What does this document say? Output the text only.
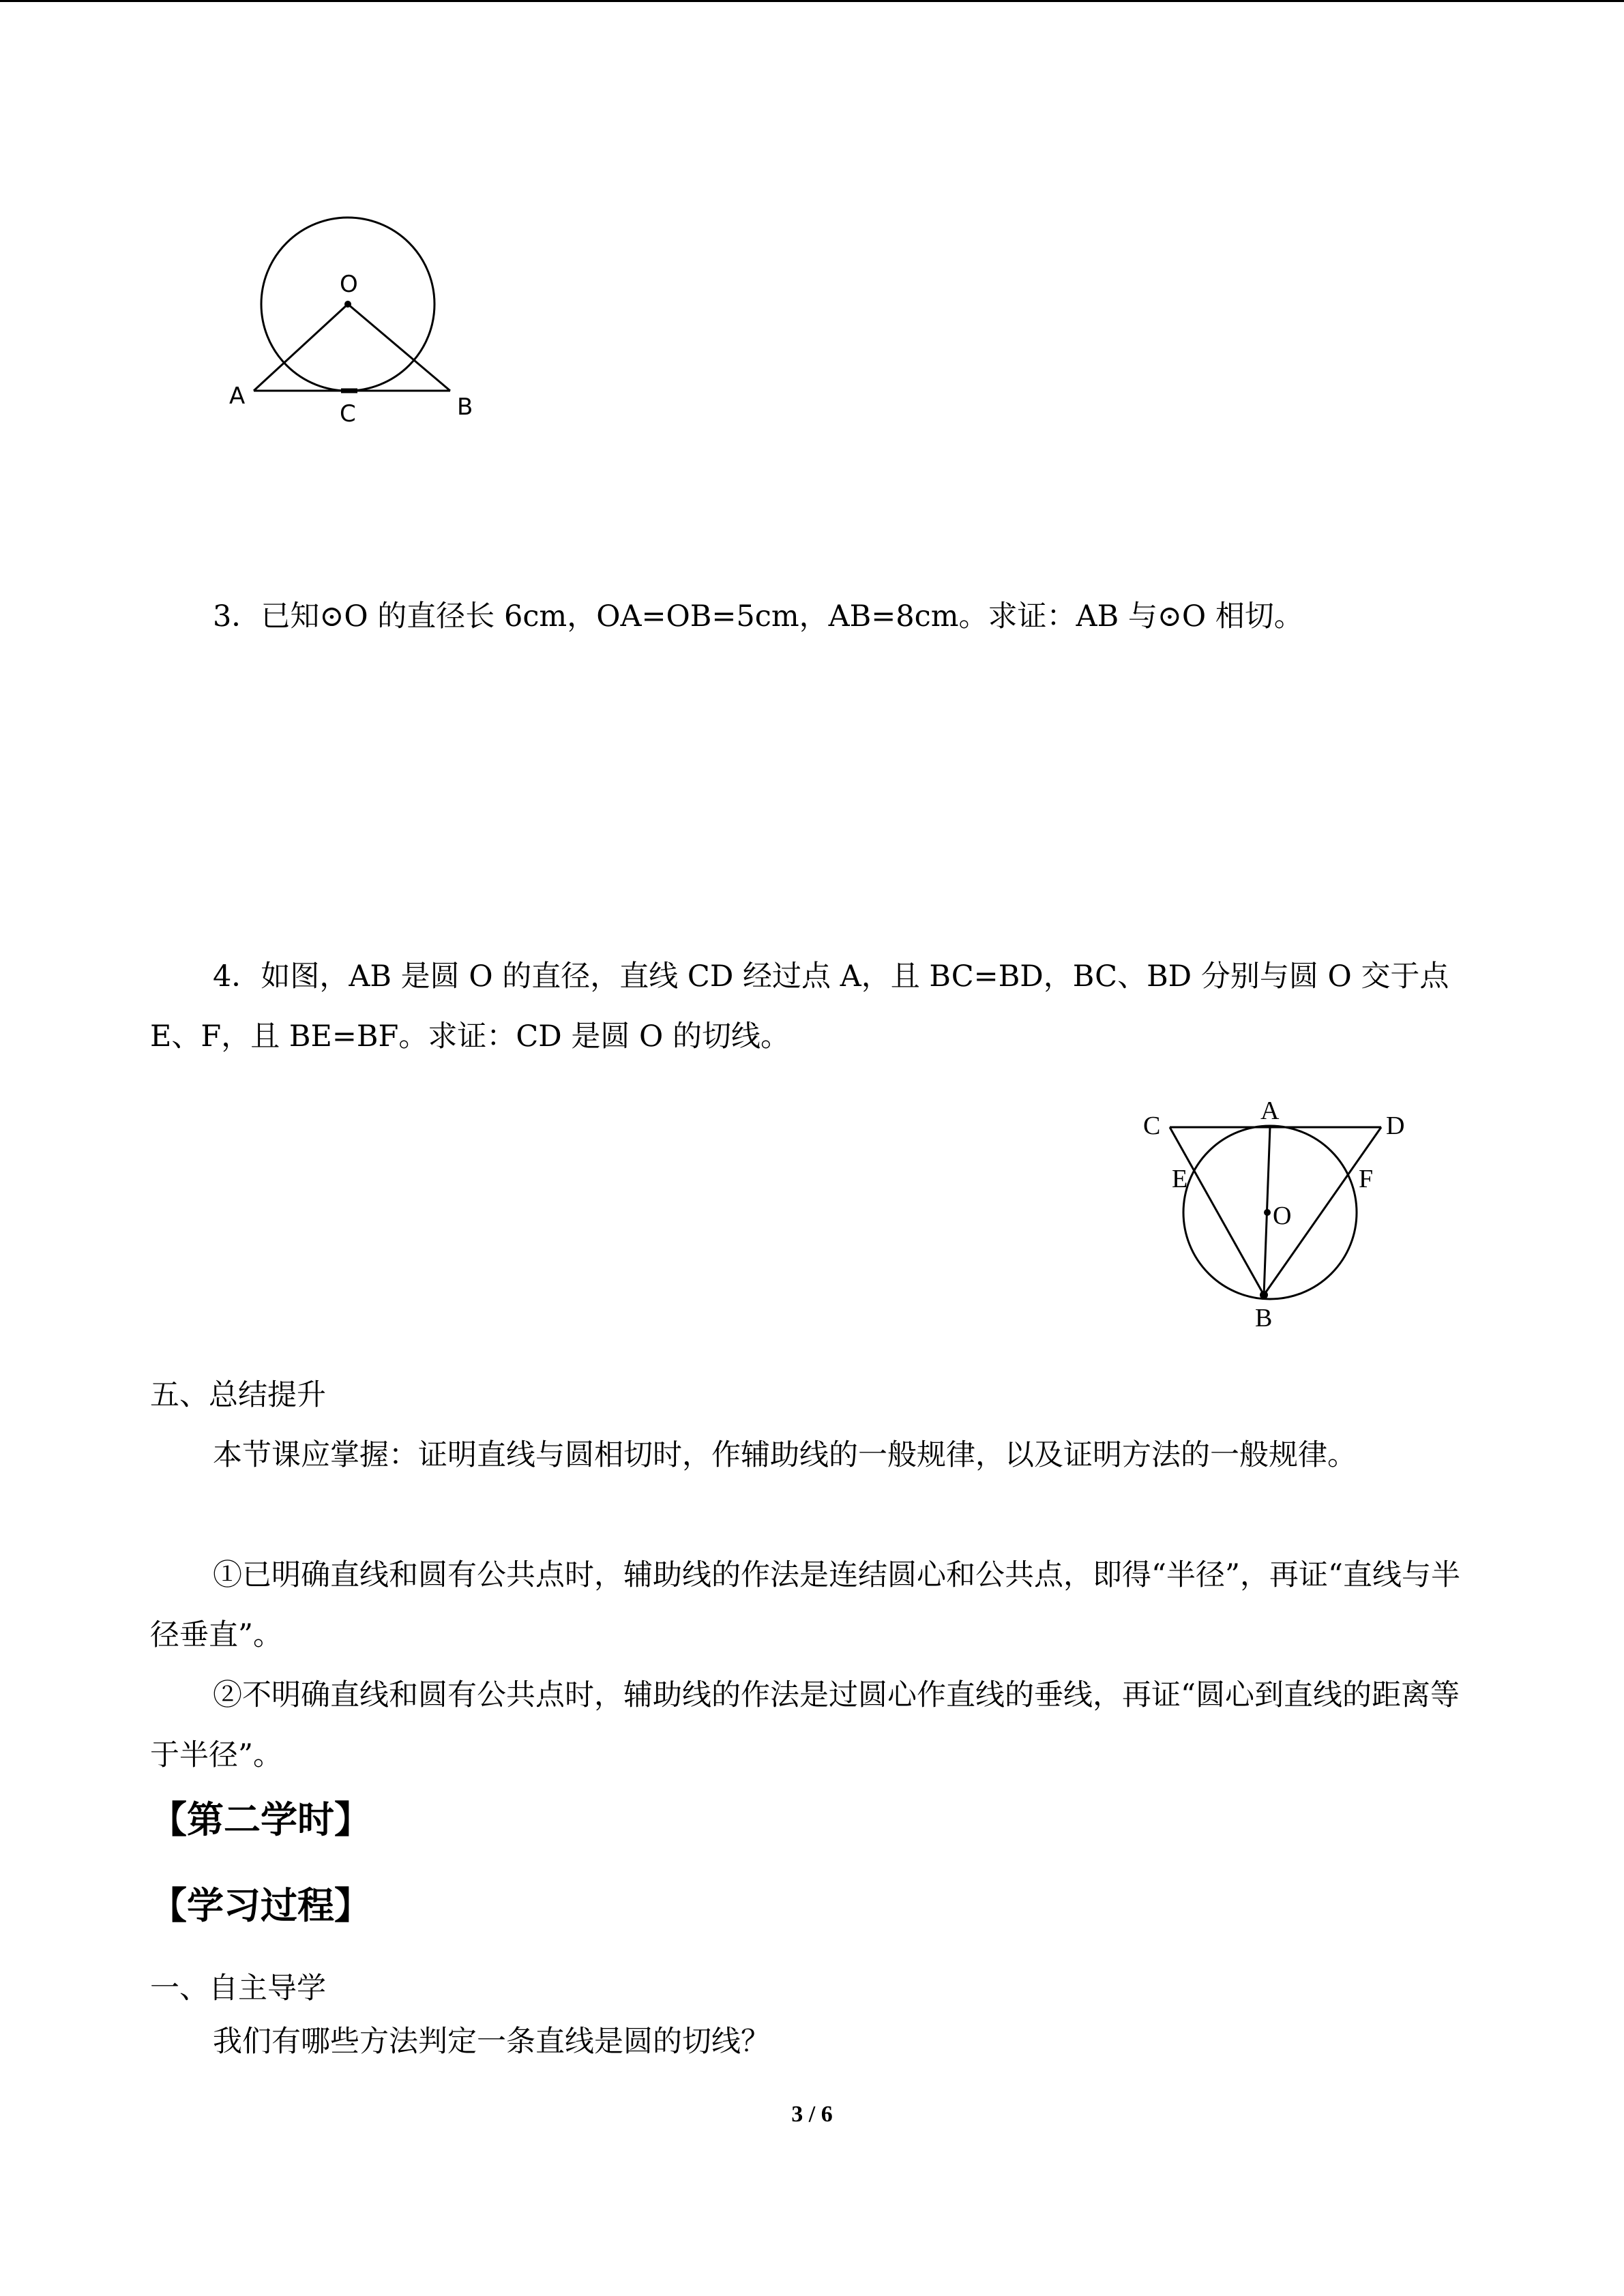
O
A
C	B

3．已知⊙O 的直径长 6cm，OA=OB=5cm，AB=8cm。求证：AB 与⊙O 相切。

4．如图，AB 是圆 O 的直径，直线 CD 经过点 A，且 BC=BD，BC、BD 分别与圆 O 交于点 E、F，且 BE=BF。求证：CD 是圆 O 的切线。

A
C	D
E	F
O
B
五、总结提升

本节课应掌握：证明直线与圆相切时，作辅助线的一般规律，以及证明方法的一般规律。

①已明确直线和圆有公共点时，辅助线的作法是连结圆心和公共点，即得“半径”，再证“直线与半径垂直”。

②不明确直线和圆有公共点时，辅助线的作法是过圆心作直线的垂线，再证“圆心到直线的距离等于半径”。

【第二学时】
【学习过程】
一、自主导学

我们有哪些方法判定一条直线是圆的切线？

3 / 6
